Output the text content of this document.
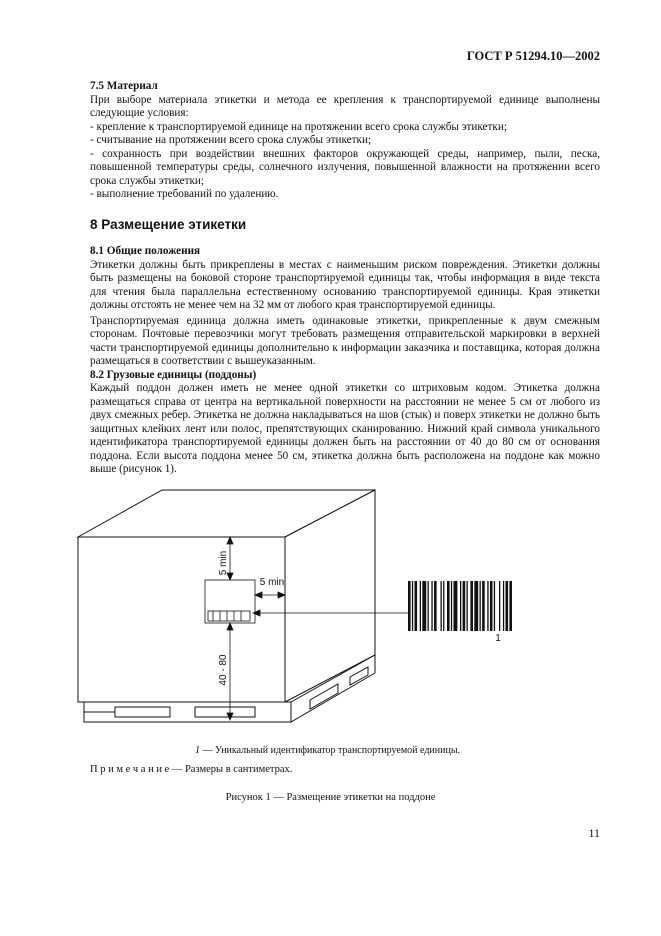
ГОСТ Р 51294.10—2002

7.5 Материал

При выборе материала этикетки и метода ее крепления к транспортируемой единице выполнены следующие условия:

- крепление к транспортируемой единице на протяжении всего срока службы этикетки;

- считывание на протяжении всего срока службы этикетки;

- сохранность при воздействии внешних факторов окружающей среды, например, пыли, песка, повышенной температуры среды, солнечного излучения, повышенной влажности на протяжении всего срока службы этикетки;

- выполнение требований по удалению.

8 Размещение этикетки

8.1 Общие положения

Этикетки должны быть прикреплены в местах с наименьшим риском повреждения. Этикетки должны быть размещены на боковой стороне транспортируемой единицы так, чтобы информация в виде текста для чтения была параллельна естественному основанию транспортируемой единицы. Края этикетки должны отстоять не менее чем на 32 мм от любого края транспортируемой единицы.

Транспортируемая единица должна иметь одинаковые этикетки, прикрепленные к двум смежным сторонам. Почтовые перевозчики могут требовать размещения отправительской маркировки в верхней части транспортируемой единицы дополнительно к информации заказчика и поставщика, которая должна размещаться в соответствии с вышеуказанным.

8.2 Грузовые единицы (поддоны)

Каждый поддон должен иметь не менее одной этикетки со штриховым кодом. Этикетка должна размещаться справа от центра на вертикальной поверхности на расстоянии не менее 5 см от любого из двух смежных ребер. Этикетка не должна накладываться на шов (стык) и поверх этикетки не должно быть защитных клейких лент или полос, препятствующих сканированию. Нижний край символа уникального идентификатора транспортируемой единицы должен быть на расстоянии от 40 до 80 см от основания поддона. Если высота поддона менее 50 см, этикетка должна быть расположена на поддоне как можно выше (рисунок 1).

5 min
5 min
40 - 80
1
1 — Уникальный идентификатор транспортируемой единицы.
П р и м е ч а н и е — Размеры в сантиметрах.
Рисунок 1 — Размещение этикетки на поддоне
11
